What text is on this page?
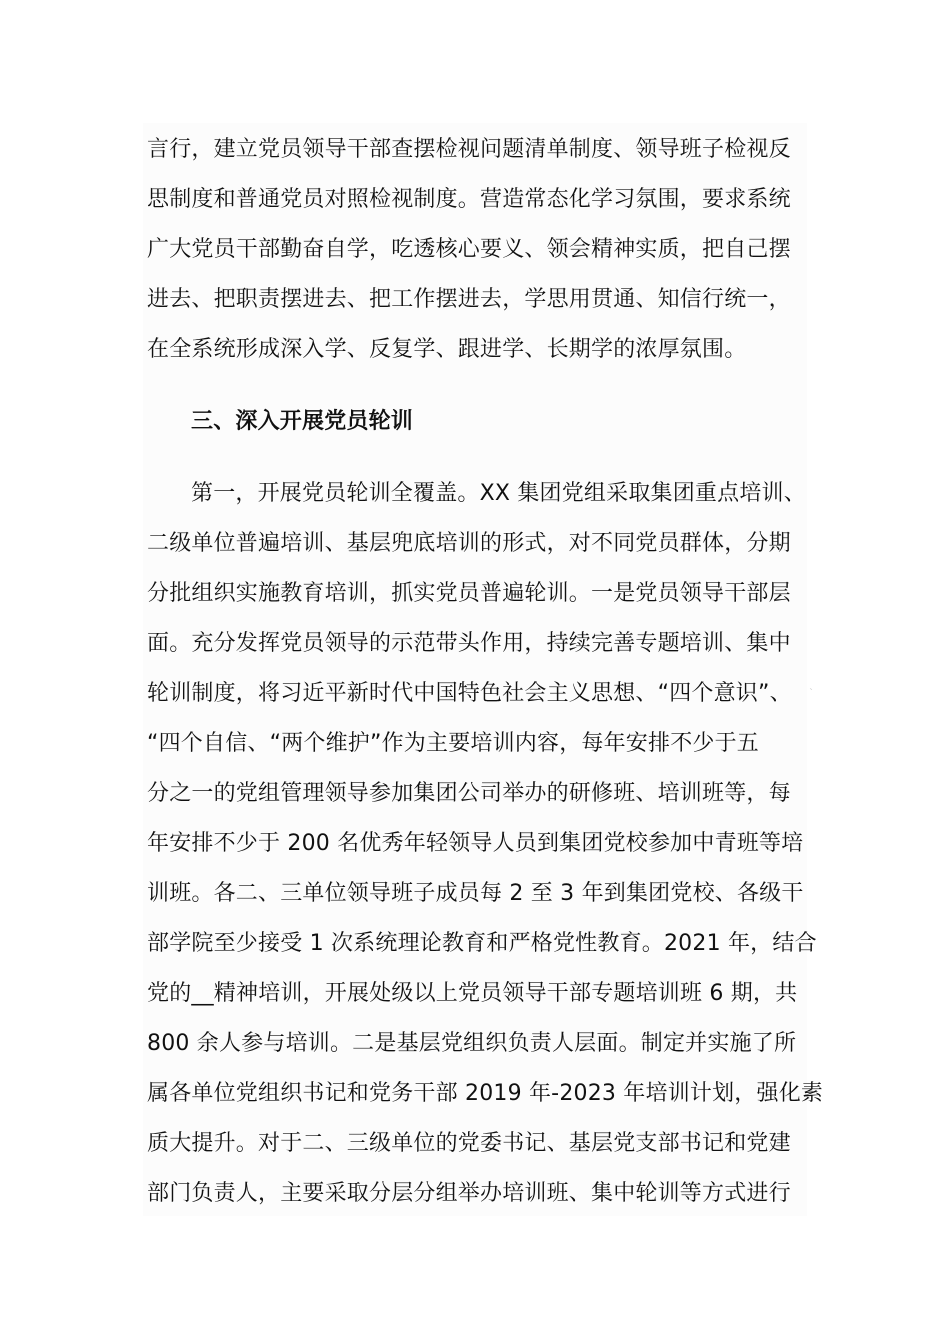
言行，建立党员领导干部查摆检视问题清单制度、领导班子检视反
思制度和普通党员对照检视制度。营造常态化学习氛围，要求系统
广大党员干部勤奋自学，吃透核心要义、领会精神实质，把自己摆
进去、把职责摆进去、把工作摆进去，学思用贯通、知信行统一，
在全系统形成深入学、反复学、跟进学、长期学的浓厚氛围。
三、深入开展党员轮训
第一，开展党员轮训全覆盖。XX 集团党组采取集团重点培训、
二级单位普遍培训、基层兜底培训的形式，对不同党员群体，分期
分批组织实施教育培训，抓实党员普遍轮训。一是党员领导干部层
面。充分发挥党员领导的示范带头作用，持续完善专题培训、集中
轮训制度，将习近平新时代中国特色社会主义思想、“四个意识”、
“四个自信、“两个维护”作为主要培训内容，每年安排不少于五
分之一的党组管理领导参加集团公司举办的研修班、培训班等，每
年安排不少于 200 名优秀年轻领导人员到集团党校参加中青班等培
训班。各二、三单位领导班子成员每 2 至 3 年到集团党校、各级干
部学院至少接受 1 次系统理论教育和严格党性教育。2021 年，结合
党的__精神培训，开展处级以上党员领导干部专题培训班 6 期，共
800 余人参与培训。二是基层党组织负责人层面。制定并实施了所
属各单位党组织书记和党务干部 2019 年-2023 年培训计划，强化素
质大提升。对于二、三级单位的党委书记、基层党支部书记和党建
部门负责人，主要采取分层分组举办培训班、集中轮训等方式进行
`
